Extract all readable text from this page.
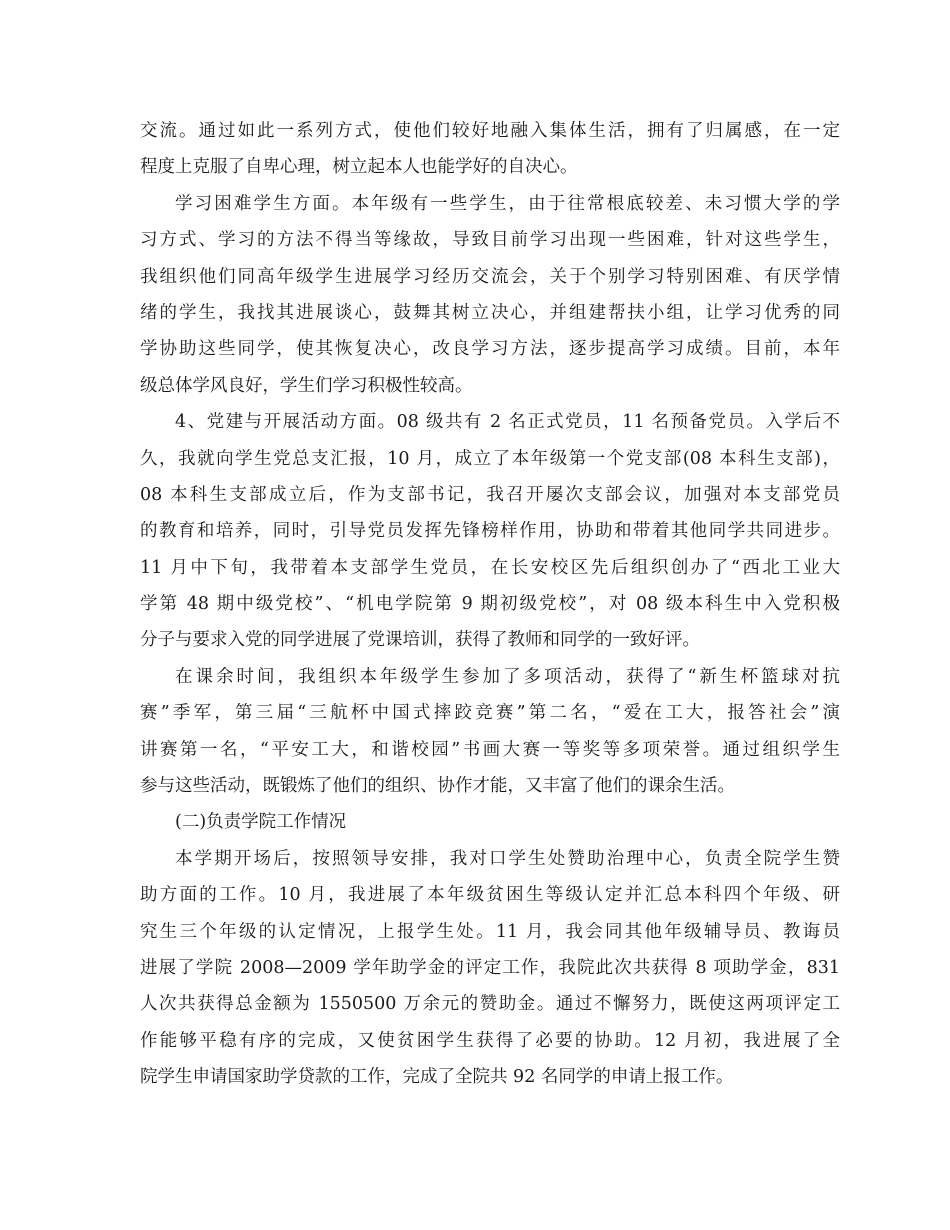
交流。通过如此一系列方式，使他们较好地融入集体生活，拥有了归属感，在一定
程度上克服了自卑心理，树立起本人也能学好的自决心。
学习困难学生方面。本年级有一些学生，由于往常根底较差、未习惯大学的学
习方式、学习的方法不得当等缘故，导致目前学习出现一些困难，针对这些学生，
我组织他们同高年级学生进展学习经历交流会，关于个别学习特别困难、有厌学情
绪的学生，我找其进展谈心，鼓舞其树立决心，并组建帮扶小组，让学习优秀的同
学协助这些同学，使其恢复决心，改良学习方法，逐步提高学习成绩。目前，本年
级总体学风良好，学生们学习积极性较高。
4、党建与开展活动方面。08 级共有 2 名正式党员，11 名预备党员。入学后不
久，我就向学生党总支汇报，10 月，成立了本年级第一个党支部(08 本科生支部)，
08 本科生支部成立后，作为支部书记，我召开屡次支部会议，加强对本支部党员
的教育和培养，同时，引导党员发挥先锋榜样作用，协助和带着其他同学共同进步。
11 月中下旬，我带着本支部学生党员，在长安校区先后组织创办了“西北工业大
学第 48 期中级党校”、“机电学院第 9 期初级党校”，对 08 级本科生中入党积极
分子与要求入党的同学进展了党课培训，获得了教师和同学的一致好评。
在课余时间，我组织本年级学生参加了多项活动，获得了“新生杯篮球对抗
赛”季军，第三届“三航杯中国式摔跤竞赛”第二名，“爱在工大，报答社会”演
讲赛第一名，“平安工大，和谐校园”书画大赛一等奖等多项荣誉。通过组织学生
参与这些活动，既锻炼了他们的组织、协作才能，又丰富了他们的课余生活。
(二)负责学院工作情况
本学期开场后，按照领导安排，我对口学生处赞助治理中心，负责全院学生赞
助方面的工作。10 月，我进展了本年级贫困生等级认定并汇总本科四个年级、研
究生三个年级的认定情况，上报学生处。11 月，我会同其他年级辅导员、教诲员
进展了学院 2008—2009 学年助学金的评定工作，我院此次共获得 8 项助学金，831
人次共获得总金额为 1550500 万余元的赞助金。通过不懈努力，既使这两项评定工
作能够平稳有序的完成，又使贫困学生获得了必要的协助。12 月初，我进展了全
院学生申请国家助学贷款的工作，完成了全院共 92 名同学的申请上报工作。
